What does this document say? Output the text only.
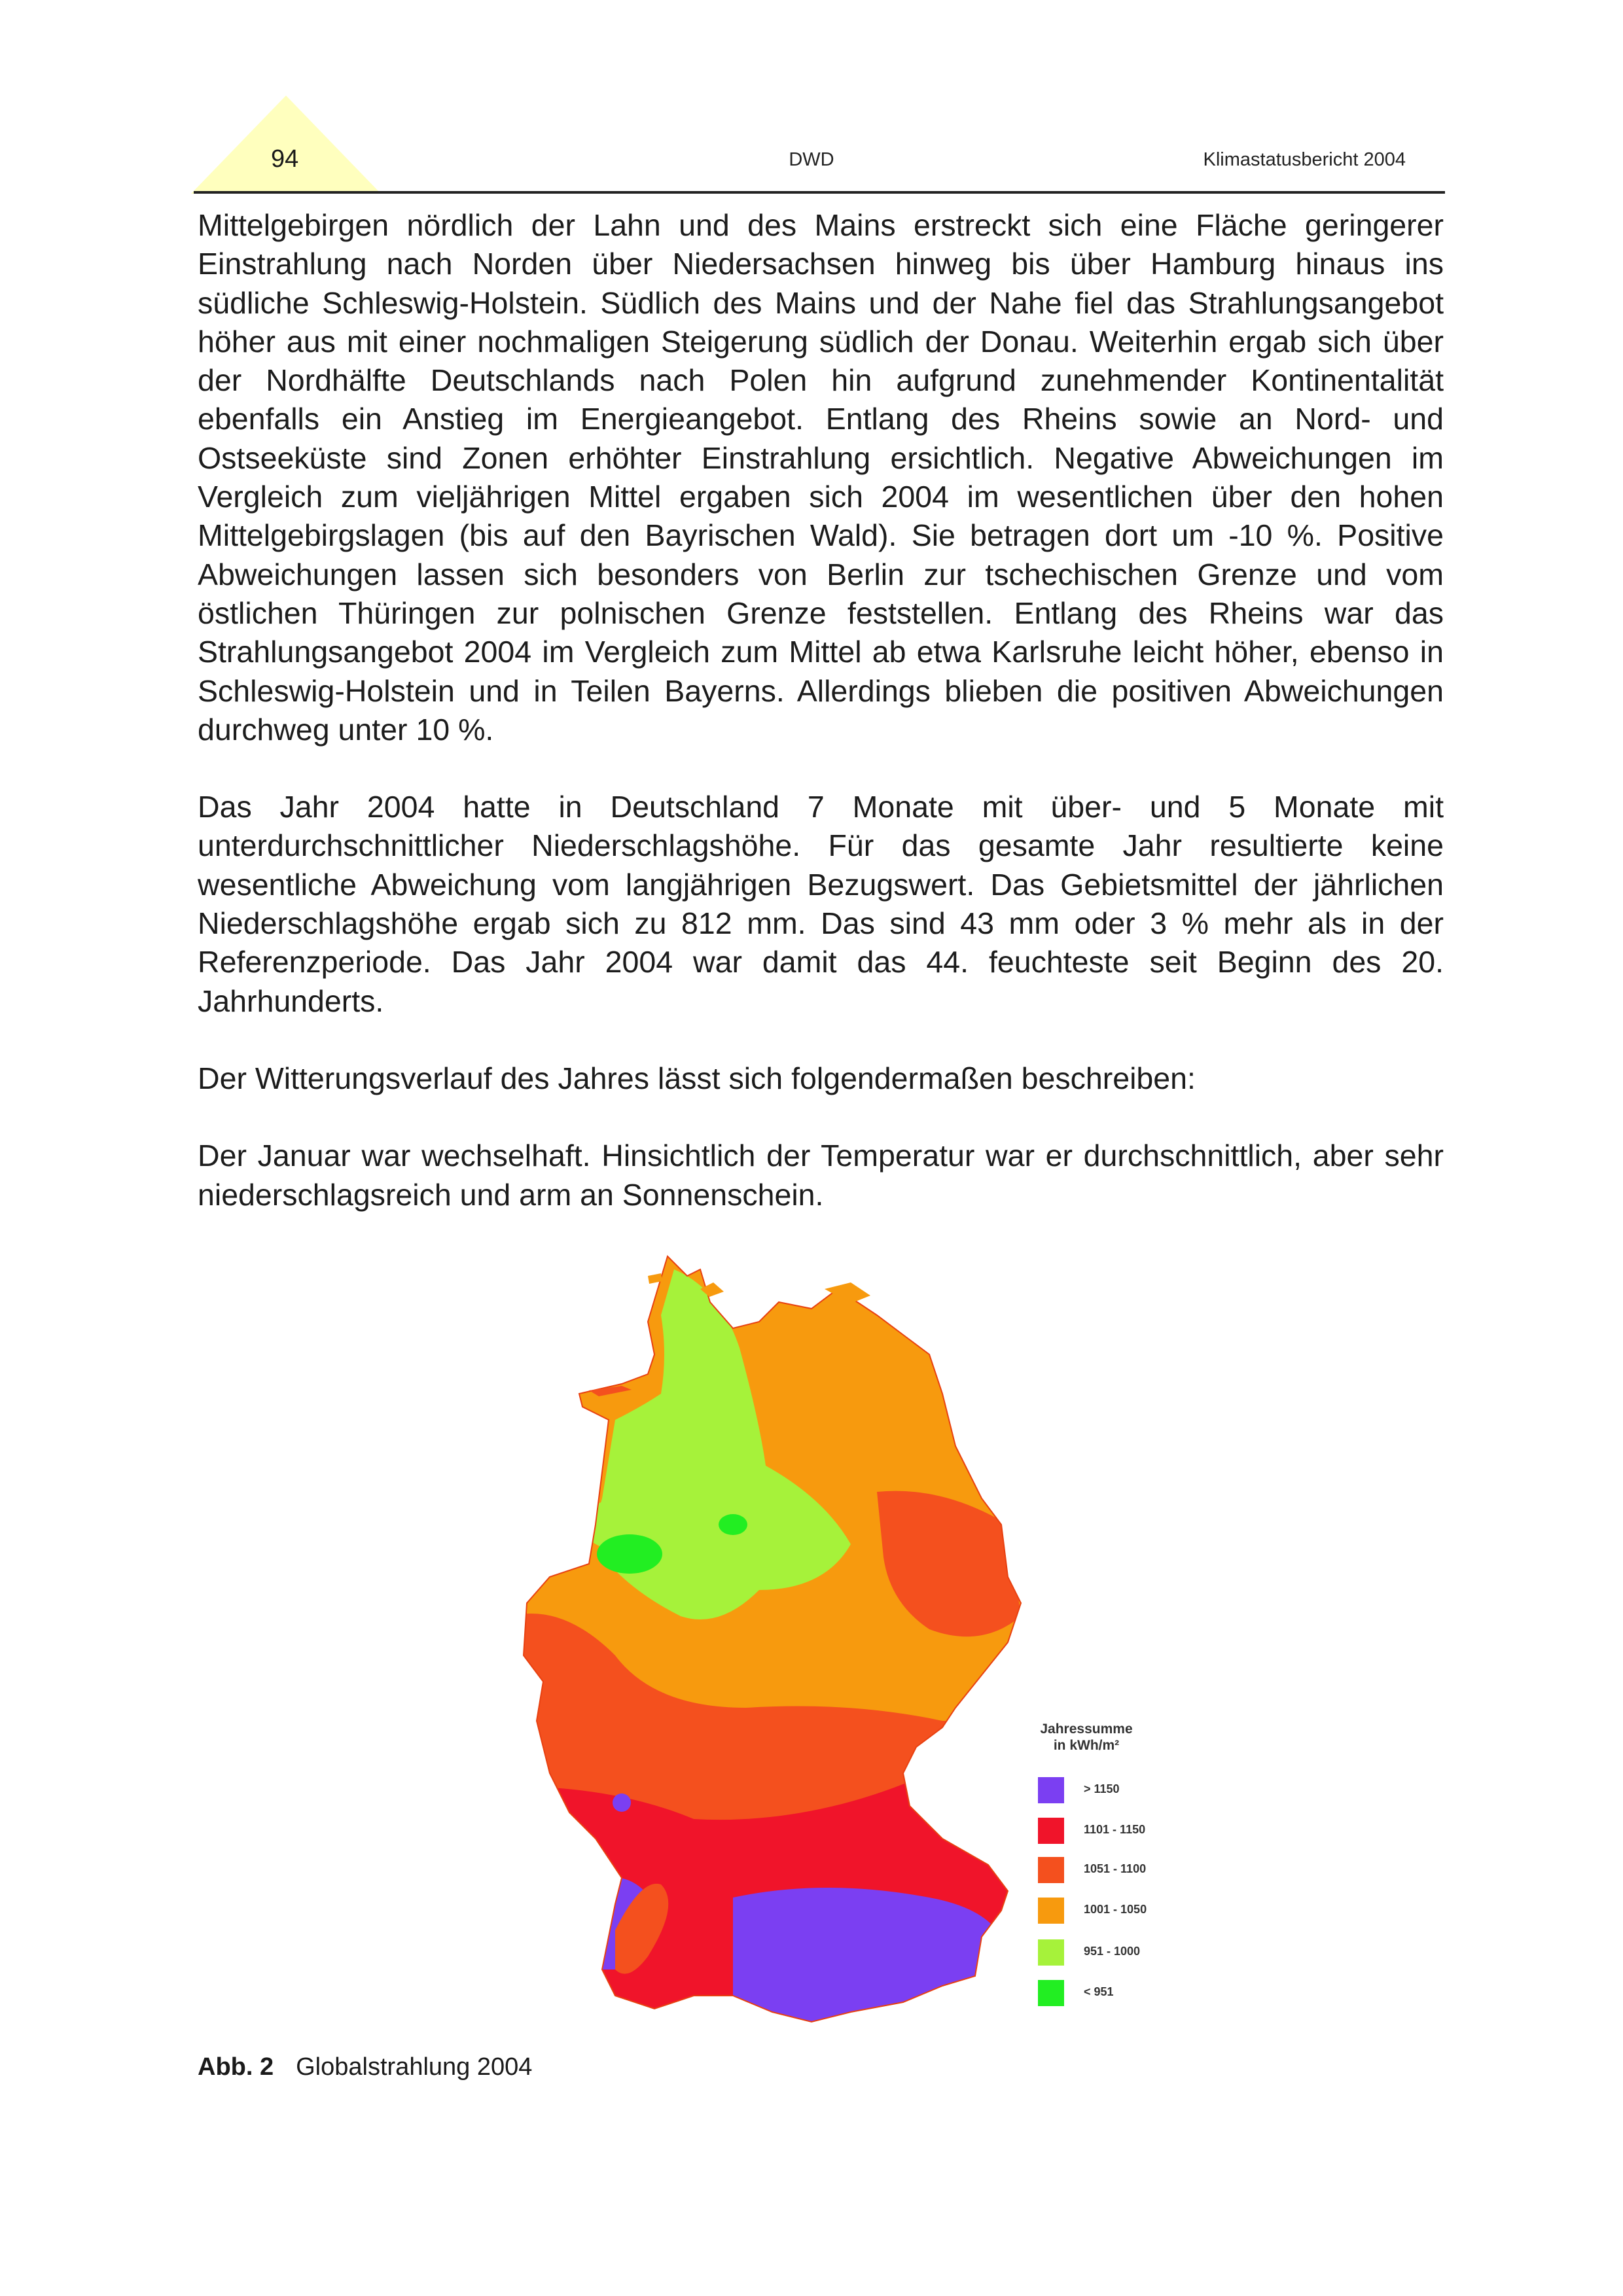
94	DWD	Klimastatusbericht 2004

Mittelgebirgen nördlich der Lahn und des Mains erstreckt sich eine Fläche geringerer Einstrahlung nach Norden über Niedersachsen hinweg bis über Hamburg hinaus ins südliche Schleswig-Holstein. Südlich des Mains und der Nahe fiel das Strahlungsangebot höher aus mit einer nochmaligen Steigerung südlich der Donau. Weiterhin ergab sich über der Nordhälfte Deutschlands nach Polen hin aufgrund zunehmender Kontinentalität ebenfalls ein Anstieg im Energieangebot. Entlang des Rheins sowie an Nord- und Ostseeküste sind Zonen erhöhter Einstrahlung ersichtlich. Negative Abweichungen im Vergleich zum vieljährigen Mittel ergaben sich 2004 im wesentlichen über den hohen Mittelgebirgslagen (bis auf den Bayrischen Wald). Sie betragen dort um -10 %. Positive Abweichungen lassen sich besonders von Berlin zur tschechischen Grenze und vom östlichen Thüringen zur polnischen Grenze feststellen. Entlang des Rheins war das Strahlungsangebot 2004 im Vergleich zum Mittel ab etwa Karlsruhe leicht höher, ebenso in Schleswig-Holstein und in Teilen Bayerns. Allerdings blieben die positiven Abweichungen durchweg unter 10 %.

Das Jahr 2004 hatte in Deutschland 7 Monate mit über- und 5 Monate mit unterdurchschnittlicher Niederschlagshöhe. Für das gesamte Jahr resultierte keine wesentliche Abweichung vom langjährigen Bezugswert. Das Gebietsmittel der jährlichen Niederschlagshöhe ergab sich zu 812 mm. Das sind 43 mm oder 3 % mehr als in der Referenzperiode. Das Jahr 2004 war damit das 44. feuchteste seit Beginn des 20. Jahrhunderts.

Der Witterungsverlauf des Jahres lässt sich folgendermaßen beschreiben:

Der Januar war wechselhaft. Hinsichtlich der Temperatur war er durchschnittlich, aber sehr niederschlagsreich und arm an Sonnenschein.

Jahressumme
in kWh/m²
> 1150
1101 - 1150
1051 - 1100
1001 - 1050
951 - 1000
< 951
Abb. 2 Globalstrahlung 2004
